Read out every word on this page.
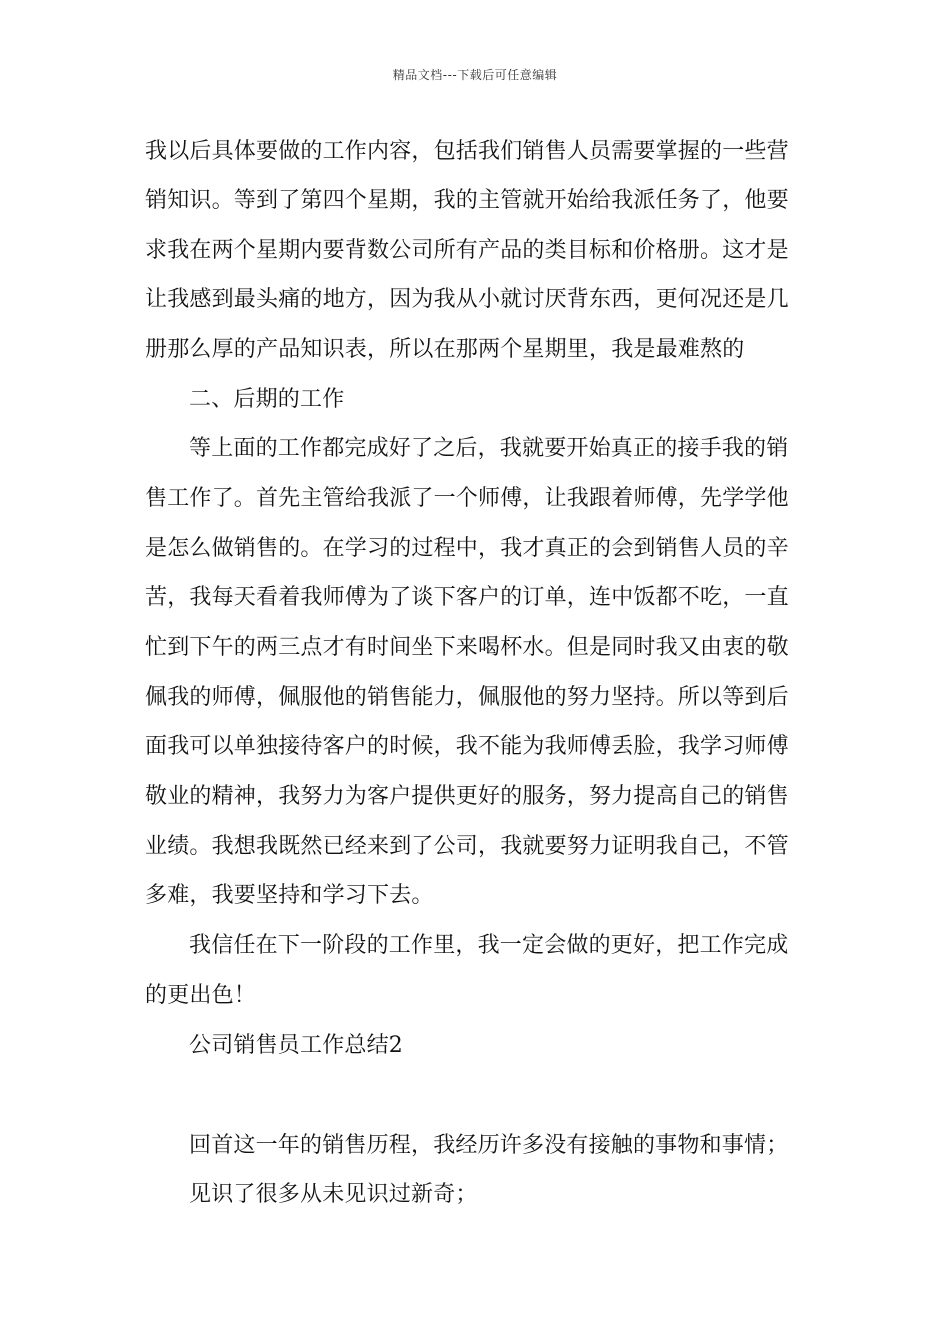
精品文档---下载后可任意编辑
我以后具体要做的工作内容，包括我们销售人员需要掌握的一些营
销知识。等到了第四个星期，我的主管就开始给我派任务了，他要
求我在两个星期内要背数公司所有产品的类目标和价格册。这才是
让我感到最头痛的地方，因为我从小就讨厌背东西，更何况还是几
册那么厚的产品知识表，所以在那两个星期里，我是最难熬的
二、后期的工作
等上面的工作都完成好了之后，我就要开始真正的接手我的销
售工作了。首先主管给我派了一个师傅，让我跟着师傅，先学学他
是怎么做销售的。在学习的过程中，我才真正的会到销售人员的辛
苦，我每天看着我师傅为了谈下客户的订单，连中饭都不吃，一直
忙到下午的两三点才有时间坐下来喝杯水。但是同时我又由衷的敬
佩我的师傅，佩服他的销售能力，佩服他的努力坚持。所以等到后
面我可以单独接待客户的时候，我不能为我师傅丢脸，我学习师傅
敬业的精神，我努力为客户提供更好的服务，努力提高自己的销售
业绩。我想我既然已经来到了公司，我就要努力证明我自己，不管
多难，我要坚持和学习下去。
我信任在下一阶段的工作里，我一定会做的更好，把工作完成
的更出色！
公司销售员工作总结2
回首这一年的销售历程，我经历许多没有接触的事物和事情；
见识了很多从未见识过新奇；
